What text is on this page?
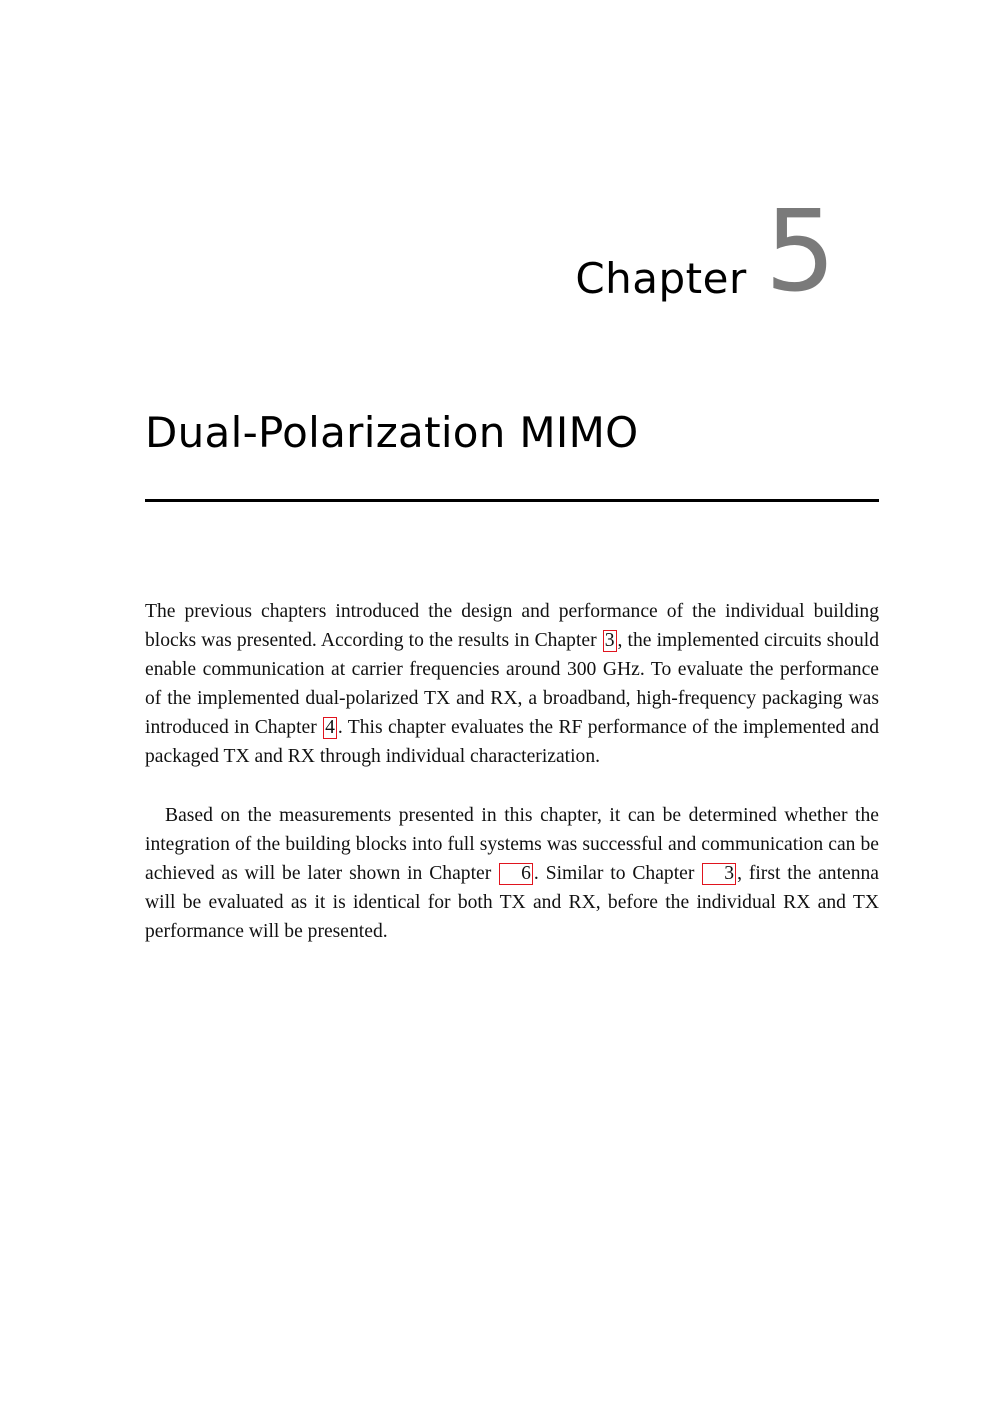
Chapter 5
Dual-Polarization MIMO

The previous chapters introduced the design and performance of the individual building blocks was presented. According to the results in Chapter 3 , the implemented circuits should enable communication at carrier frequencies around 300 GHz. To evaluate the performance of the implemented dual-polarized TX and RX, a broadband, high-frequency packaging was introduced in Chapter 4 . This chapter evaluates the RF performance of the implemented and packaged TX and RX through individual characterization.

Based on the measurements presented in this chapter, it can be determined whether the integration of the building blocks into full systems was successful and communication can be achieved as will be later shown in Chapter 6 . Similar to Chapter 3 , first the antenna will be evaluated as it is identical for both TX and RX, before the individual RX and TX performance will be presented.
